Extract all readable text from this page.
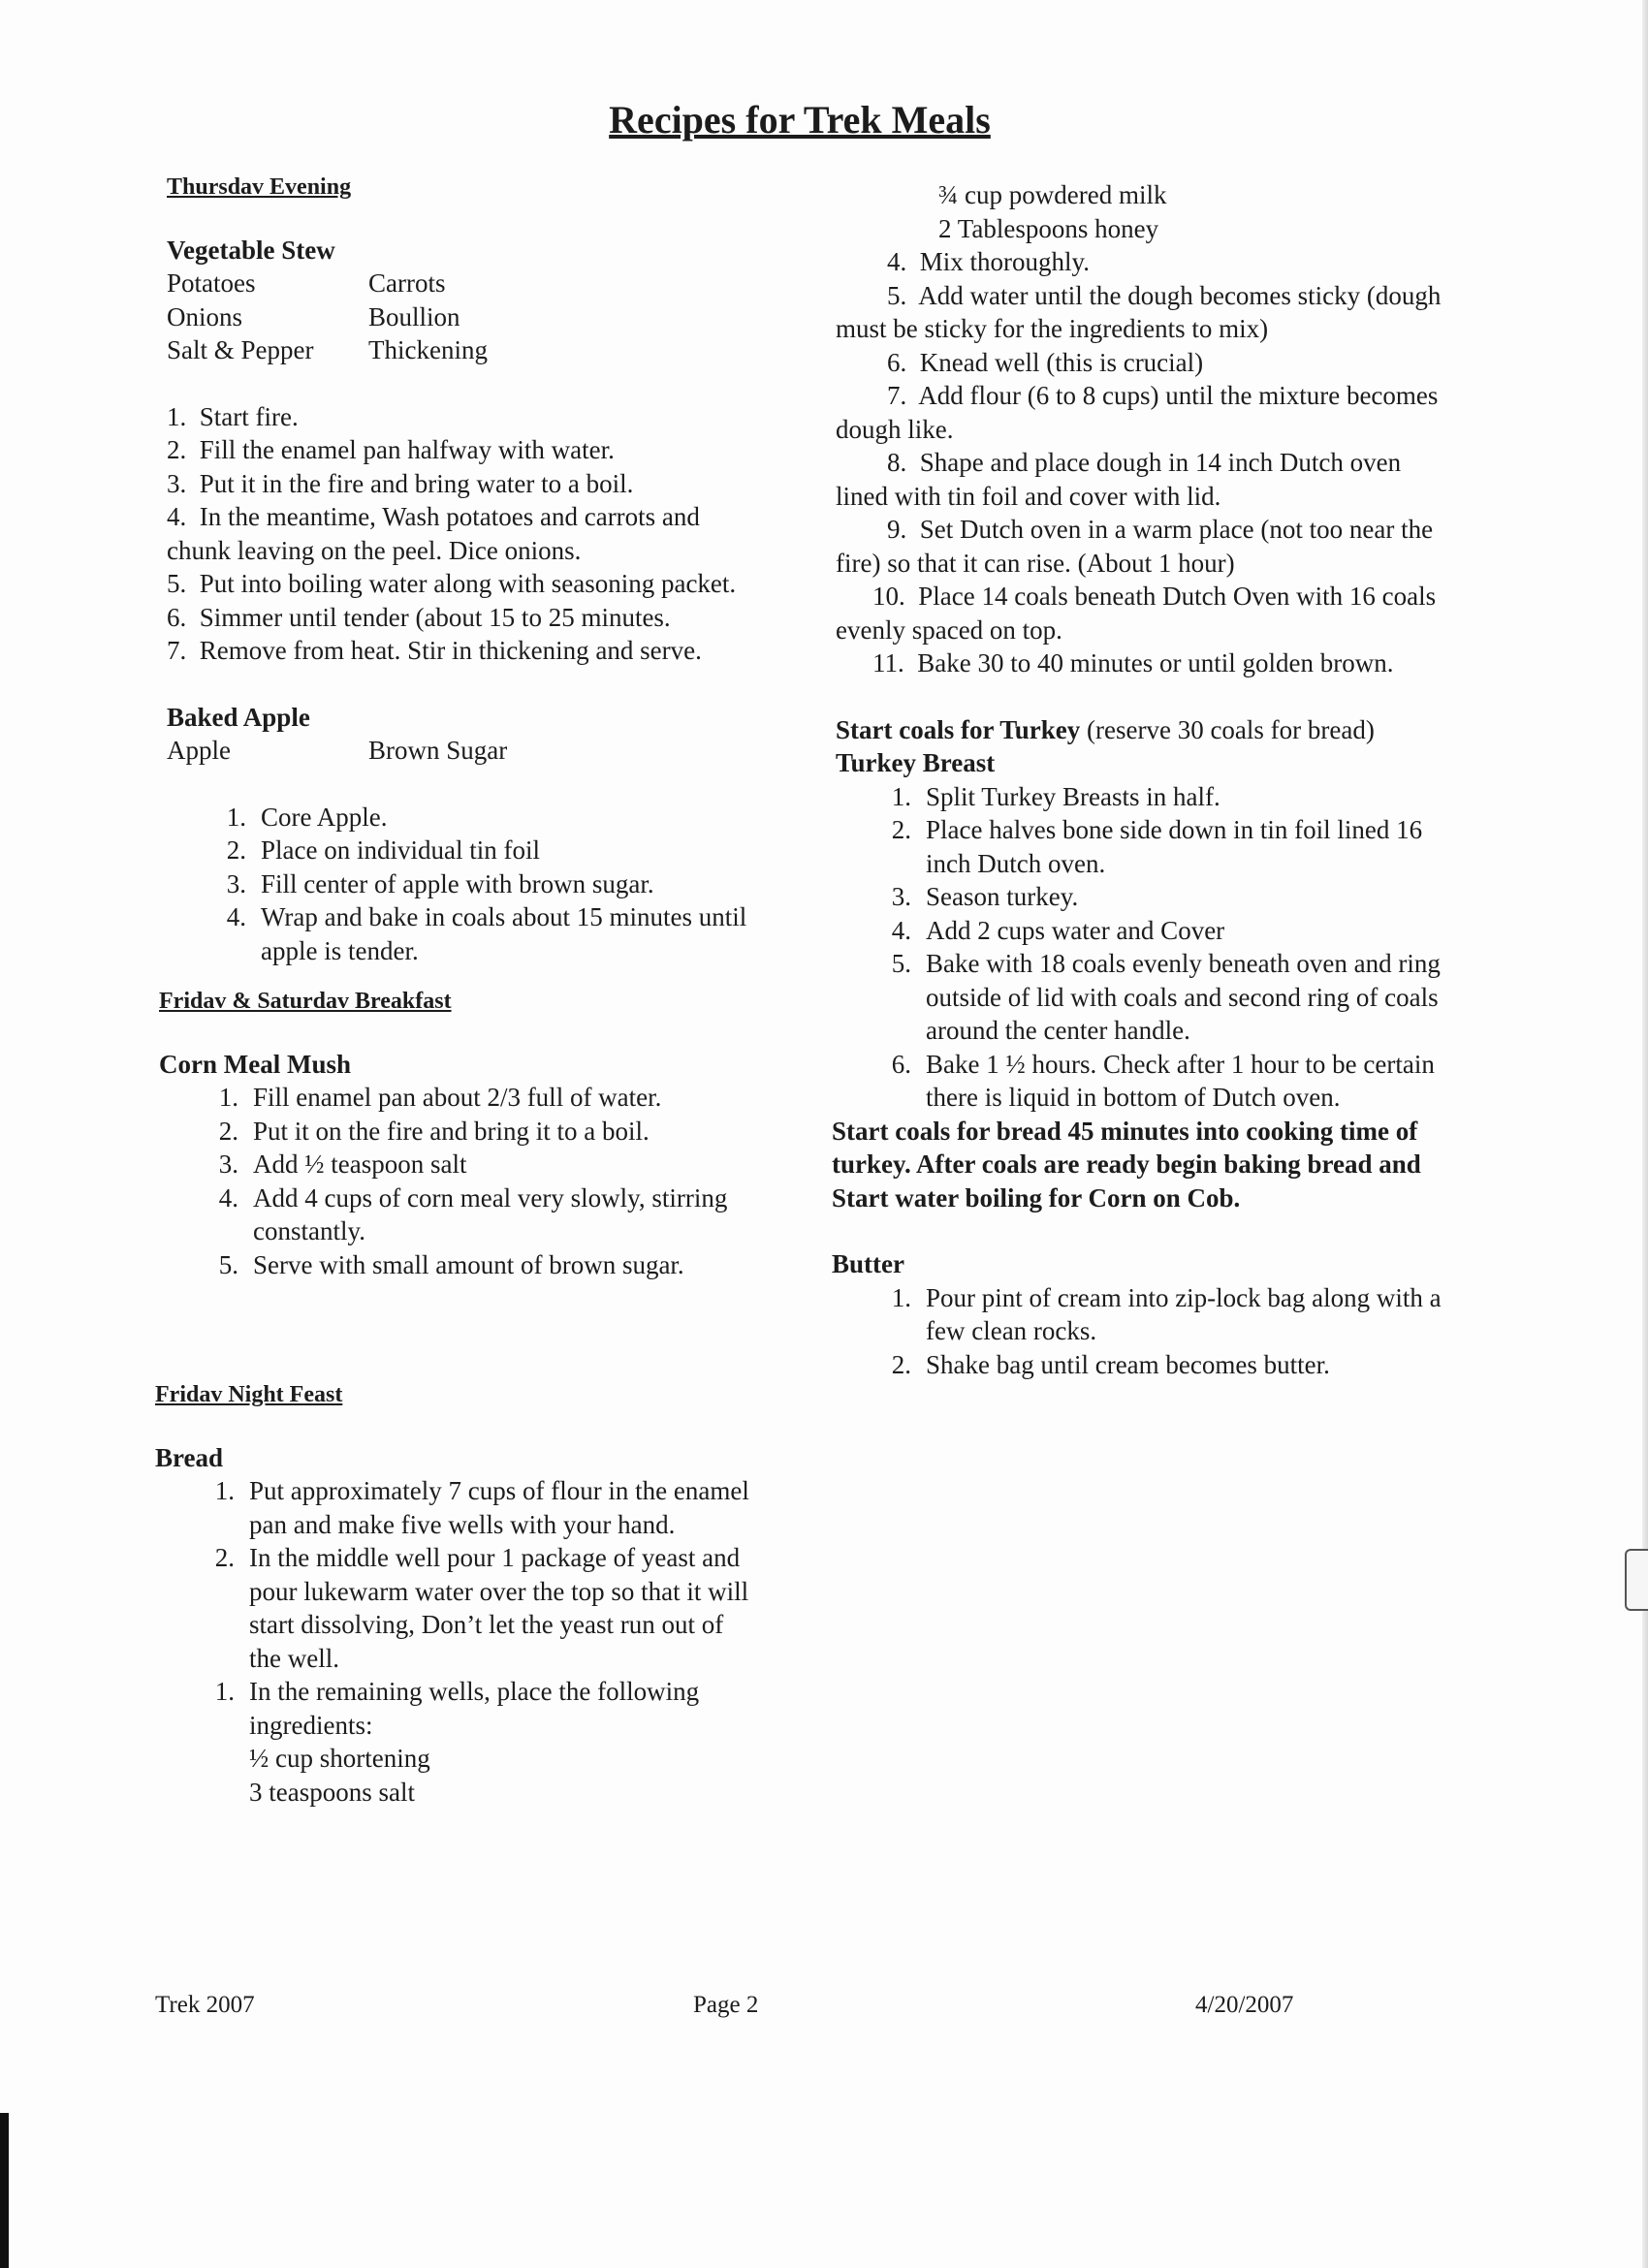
Recipes for Trek Meals
Thursdav Evening
Vegetable Stew
Potatoes	Carrots
Onions	Boullion
Salt & Pepper	Thickening
1. Start fire.
2. Fill the enamel pan halfway with water.
3. Put it in the fire and bring water to a boil.
4. In the meantime, Wash potatoes and carrots and chunk leaving on the peel. Dice onions.
5. Put into boiling water along with seasoning packet.
6. Simmer until tender (about 15 to 25 minutes.
7. Remove from heat. Stir in thickening and serve.
Baked Apple
Apple	Brown Sugar
1. Core Apple.
2. Place on individual tin foil
3. Fill center of apple with brown sugar.
4. Wrap and bake in coals about 15 minutes until apple is tender.
Fridav & Saturdav Breakfast
Corn Meal Mush
1. Fill enamel pan about 2/3 full of water.
2. Put it on the fire and bring it to a boil.
3. Add ½ teaspoon salt
4. Add 4 cups of corn meal very slowly, stirring constantly.
5. Serve with small amount of brown sugar.
Fridav Night Feast
Bread
1. Put approximately 7 cups of flour in the enamel pan and make five wells with your hand.
2. In the middle well pour 1 package of yeast and pour lukewarm water over the top so that it will start dissolving, Don’t let the yeast run out of the well.
1. In the remaining wells, place the following ingredients:
½ cup shortening
3 teaspoons salt
¾ cup powdered milk
2 Tablespoons honey
4. Mix thoroughly.
5. Add water until the dough becomes sticky (dough must be sticky for the ingredients to mix)
6. Knead well (this is crucial)
7. Add flour (6 to 8 cups) until the mixture becomes dough like.
8. Shape and place dough in 14 inch Dutch oven lined with tin foil and cover with lid.
9. Set Dutch oven in a warm place (not too near the fire) so that it can rise. (About 1 hour)
10. Place 14 coals beneath Dutch Oven with 16 coals evenly spaced on top.
11. Bake 30 to 40 minutes or until golden brown.
Start coals for Turkey (reserve 30 coals for bread)
Turkey Breast
1. Split Turkey Breasts in half.
2. Place halves bone side down in tin foil lined 16 inch Dutch oven.
3. Season turkey.
4. Add 2 cups water and Cover
5. Bake with 18 coals evenly beneath oven and ring outside of lid with coals and second ring of coals around the center handle.
6. Bake 1 ½ hours. Check after 1 hour to be certain there is liquid in bottom of Dutch oven.
Start coals for bread 45 minutes into cooking time of turkey. After coals are ready begin baking bread and Start water boiling for Corn on Cob.
Butter
1. Pour pint of cream into zip-lock bag along with a few clean rocks.
2. Shake bag until cream becomes butter.
Trek 2007	Page 2	4/20/2007
